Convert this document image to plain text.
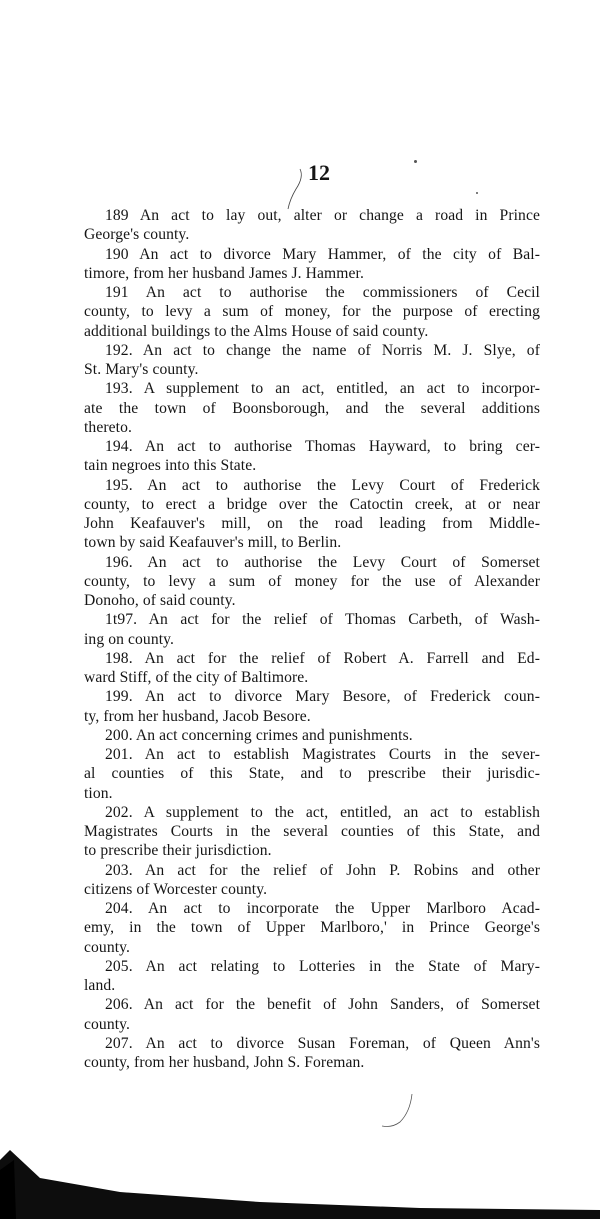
12
189 An act to lay out, alter or change a road in Prince
George's county.
190 An act to divorce Mary Hammer, of the city of Bal-
timore, from her husband James J. Hammer.
191 An act to authorise the commissioners of Cecil
county, to levy a sum of money, for the purpose of erecting
additional buildings to the Alms House of said county.
192. An act to change the name of Norris M. J. Slye, of
St. Mary's county.
193. A supplement to an act, entitled, an act to incorpor-
ate the town of Boonsborough, and the several additions
thereto.
194. An act to authorise Thomas Hayward, to bring cer-
tain negroes into this State.
195. An act to authorise the Levy Court of Frederick
county, to erect a bridge over the Catoctin creek, at or near
John Keafauver's mill, on the road leading from Middle-
town by said Keafauver's mill, to Berlin.
196. An act to authorise the Levy Court of Somerset
county, to levy a sum of money for the use of Alexander
Donoho, of said county.
1t97. An act for the relief of Thomas Carbeth, of Wash-
ing on county.
198. An act for the relief of Robert A. Farrell and Ed-
ward Stiff, of the city of Baltimore.
199. An act to divorce Mary Besore, of Frederick coun-
ty, from her husband, Jacob Besore.
200. An act concerning crimes and punishments.
201. An act to establish Magistrates Courts in the sever-
al counties of this State, and to prescribe their jurisdic-
tion.
202. A supplement to the act, entitled, an act to establish
Magistrates Courts in the several counties of this State, and
to prescribe their jurisdiction.
203. An act for the relief of John P. Robins and other
citizens of Worcester county.
204. An act to incorporate the Upper Marlboro Acad-
emy, in the town of Upper Marlboro,' in Prince George's
county.
205. An act relating to Lotteries in the State of Mary-
land.
206. An act for the benefit of John Sanders, of Somerset
county.
207. An act to divorce Susan Foreman, of Queen Ann's
county, from her husband, John S. Foreman.
